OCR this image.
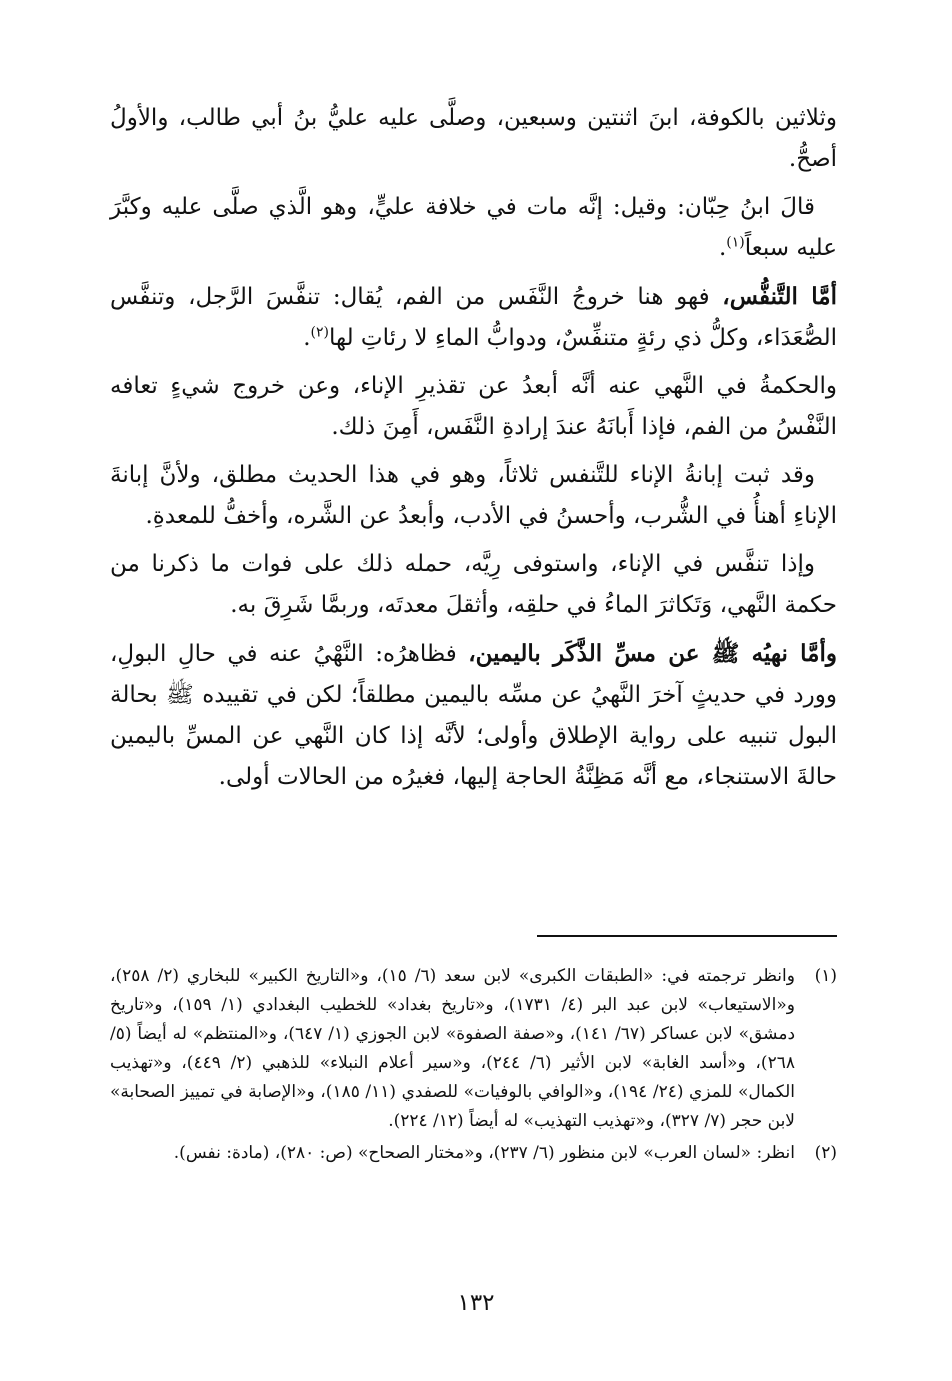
وثلاثين بالكوفة، ابنَ اثنتين وسبعين، وصلَّى عليه عليُّ بنُ أبي طالب، والأولُ أصحُّ.

قالَ ابنُ حِبّان: وقيل: إنَّه مات في خلافة عليٍّ، وهو الَّذي صلَّى عليه وكبَّرَ عليه سبعاً$^{(١)}$.

أمَّا التَّنفُّس، فهو هنا خروجُ النَّفَس من الفم، يُقال: تنفَّسَ الرَّجل، وتنفَّس الصُّعَدَاء، وكلُّ ذي رئةٍ متنفِّسٌ، ودوابُّ الماءِ لا رئاتِ لها$^{(٢)}$.

والحكمةُ في النَّهي عنه أنَّه أبعدُ عن تقذيرِ الإناء، وعن خروج شيءٍ تعافه النَّفْسُ من الفم، فإذا أَبانَهُ عندَ إرادةِ النَّفَس، أَمِنَ ذلك.

وقد ثبت إبانةُ الإناء للتَّنفس ثلاثاً، وهو في هذا الحديث مطلق، ولأنَّ إبانةَ الإناءِ أهنأُ في الشُّرب، وأحسنُ في الأدب، وأبعدُ عن الشَّره، وأخفُّ للمعدةِ.

وإذا تنفَّس في الإناء، واستوفى رِيَّه، حمله ذلك على فوات ما ذكرنا من حكمة النَّهي، وَتَكاثرَ الماءُ في حلقِه، وأثقلَ معدتَه، وربمَّا شَرِقَ به.

وأمَّا نهيُه ﷺ عن مسِّ الذَّكَر باليمين، فظاهرُه: النَّهْيُ عنه في حالِ البولِ، وورد في حديثٍ آخرَ النَّهيُ عن مسِّه باليمين مطلقاً؛ لكن في تقييده ﷺ بحالة البول تنبيه على رواية الإطلاق وأولى؛ لأنَّه إذا كان النَّهي عن المسِّ باليمين حالةَ الاستنجاء، مع أنَّه مَظِنَّةُ الحاجة إليها، فغيرُه من الحالات أولى.

(١)
وانظر ترجمته في: «الطبقات الكبرى» لابن سعد (٦/ ١٥)، و«التاريخ الكبير» للبخاري (٢/ ٢٥٨)، و«الاستيعاب» لابن عبد البر (٤/ ١٧٣١)، و«تاريخ بغداد» للخطيب البغدادي (١/ ١٥٩)، و«تاريخ دمشق» لابن عساكر (٦٧/ ١٤١)، و«صفة الصفوة» لابن الجوزي (١/ ٦٤٧)، و«المنتظم» له أيضاً (٥/ ٢٦٨)، و«أسد الغابة» لابن الأثير (٦/ ٢٤٤)، و«سير أعلام النبلاء» للذهبي (٢/ ٤٤٩)، و«تهذيب الكمال» للمزي (٢٤/ ١٩٤)، و«الوافي بالوفيات» للصفدي (١١/ ١٨٥)، و«الإصابة في تمييز الصحابة» لابن حجر (٧/ ٣٢٧)، و«تهذيب التهذيب» له أيضاً (١٢/ ٢٢٤).
(٢)
انظر: «لسان العرب» لابن منظور (٦/ ٢٣٧)، و«مختار الصحاح» (ص: ٢٨٠)، (مادة: نفس).
١٣٢
